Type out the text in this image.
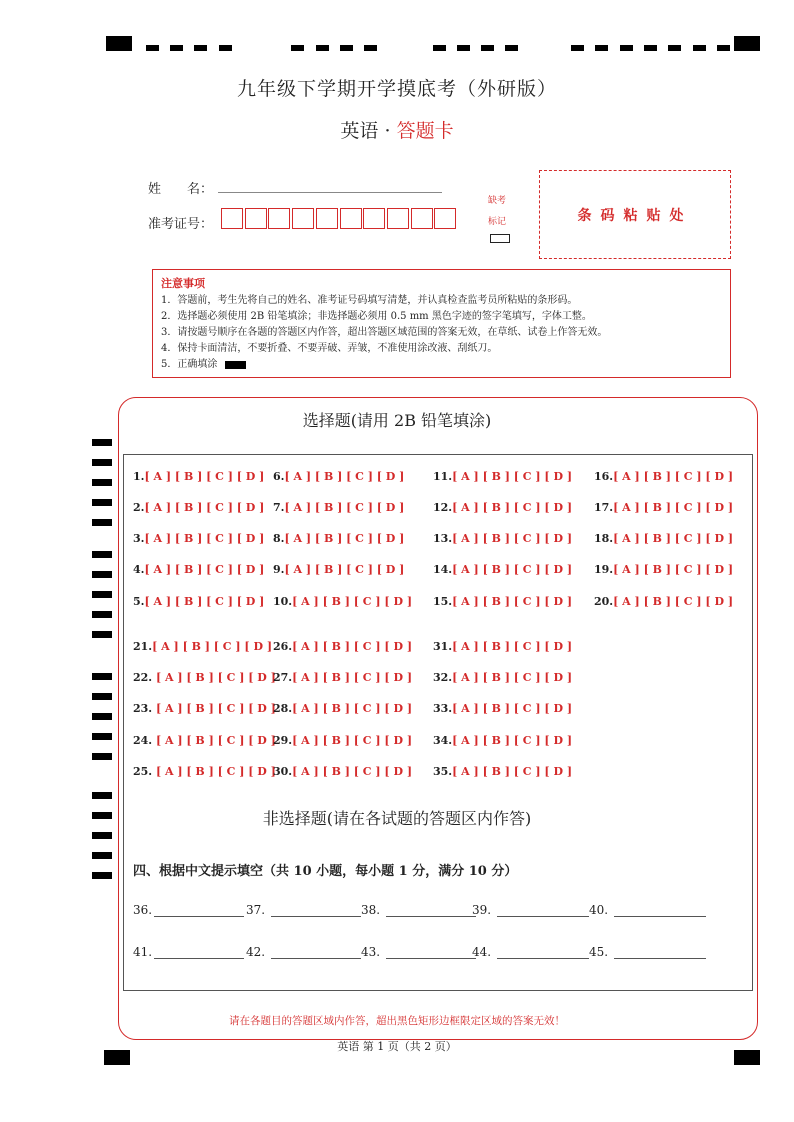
九年级下学期开学摸底考（外研版）
英语 · 答题卡
姓　　名：
准考证号：
缺考
标记	条码粘贴处
注意事项
1．答题前，考生先将自己的姓名、准考证号码填写清楚，并认真检查监考员所粘贴的条形码。
2．选择题必须使用 2B 铅笔填涂；非选择题必须用 0.5 mm 黑色字迹的签字笔填写，字体工整。
3．请按题号顺序在各题的答题区内作答，超出答题区域范围的答案无效，在草纸、试卷上作答无效。
4．保持卡面清洁，不要折叠、不要弄破、弄皱，不准使用涂改液、刮纸刀。
5．正确填涂
选择题(请用 2B 铅笔填涂)
1.[ A ] [ B ] [ C ] [ D ]
2.[ A ] [ B ] [ C ] [ D ]
3.[ A ] [ B ] [ C ] [ D ]
4.[ A ] [ B ] [ C ] [ D ]
5.[ A ] [ B ] [ C ] [ D ]
6.[ A ] [ B ] [ C ] [ D ]
7.[ A ] [ B ] [ C ] [ D ]
8.[ A ] [ B ] [ C ] [ D ]
9.[ A ] [ B ] [ C ] [ D ]
10.[ A ] [ B ] [ C ] [ D ]
11.[ A ] [ B ] [ C ] [ D ]
12.[ A ] [ B ] [ C ] [ D ]
13.[ A ] [ B ] [ C ] [ D ]
14.[ A ] [ B ] [ C ] [ D ]
15.[ A ] [ B ] [ C ] [ D ]
16.[ A ] [ B ] [ C ] [ D ]
17.[ A ] [ B ] [ C ] [ D ]
18.[ A ] [ B ] [ C ] [ D ]
19.[ A ] [ B ] [ C ] [ D ]
20.[ A ] [ B ] [ C ] [ D ]
21.[ A ] [ B ] [ C ] [ D ]
22. [ A ] [ B ] [ C ] [ D ]
23. [ A ] [ B ] [ C ] [ D ]
24. [ A ] [ B ] [ C ] [ D ]
25. [ A ] [ B ] [ C ] [ D ]
26.[ A ] [ B ] [ C ] [ D ]
27.[ A ] [ B ] [ C ] [ D ]
28.[ A ] [ B ] [ C ] [ D ]
29.[ A ] [ B ] [ C ] [ D ]
30.[ A ] [ B ] [ C ] [ D ]
31.[ A ] [ B ] [ C ] [ D ]
32.[ A ] [ B ] [ C ] [ D ]
33.[ A ] [ B ] [ C ] [ D ]
34.[ A ] [ B ] [ C ] [ D ]
35.[ A ] [ B ] [ C ] [ D ]
非选择题(请在各试题的答题区内作答)
四、根据中文提示填空（共 10 小题，每小题 1 分，满分 10 分）
36.	37.	38.	39.	40.
41.	42.	43.	44.	45.
请在各题目的答题区域内作答，超出黑色矩形边框限定区域的答案无效！
英语 第 1 页（共 2 页）
